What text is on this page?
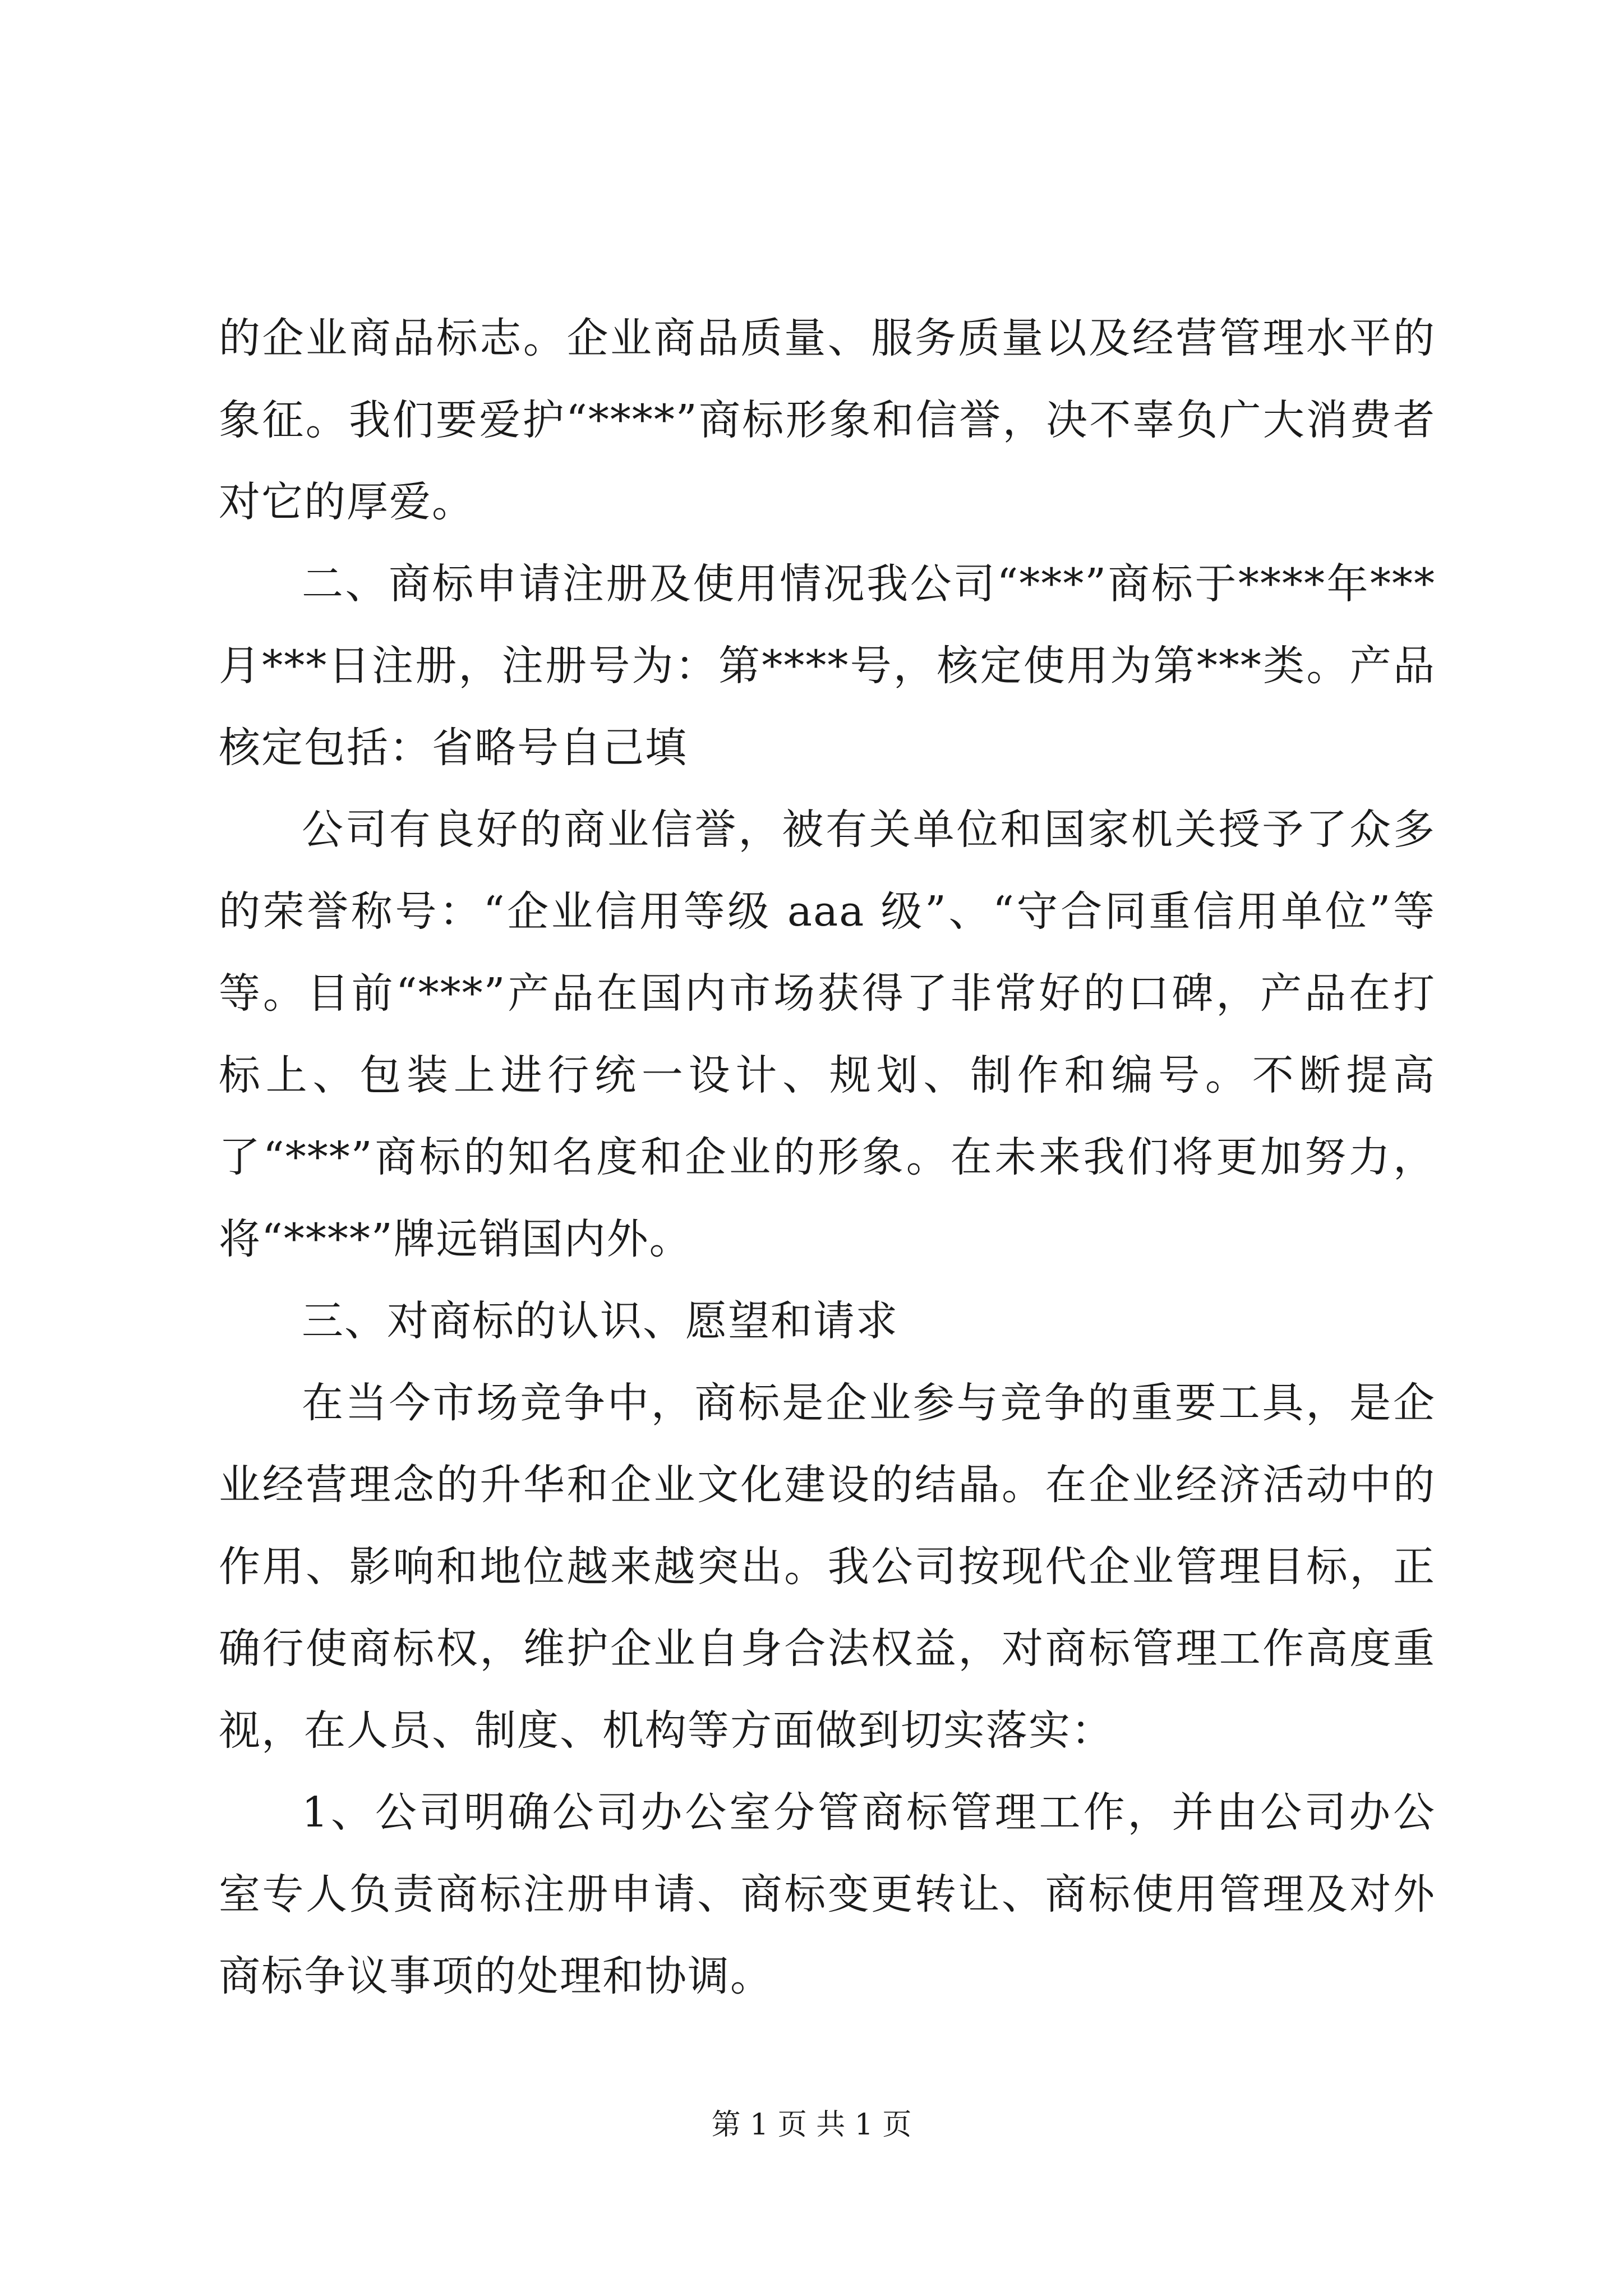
的企业商品标志。企业商品质量、服务质量以及经营管理水平的象征。我们要爱护“****”商标形象和信誉，决不辜负广大消费者对它的厚爱。

二、商标申请注册及使用情况我公司“***”商标于****年***月***日注册，注册号为：第****号，核定使用为第***类。产品核定包括：省略号自己填

公司有良好的商业信誉，被有关单位和国家机关授予了众多的荣誉称号：“企业信用等级 aaa 级”、“守合同重信用单位”等等。目前“***”产品在国内市场获得了非常好的口碑，产品在打标上、包装上进行统一设计、规划、制作和编号。不断提高了“***”商标的知名度和企业的形象。在未来我们将更加努力，将“****”牌远销国内外。

三、对商标的认识、愿望和请求

在当今市场竞争中，商标是企业参与竞争的重要工具，是企业经营理念的升华和企业文化建设的结晶。在企业经济活动中的作用、影响和地位越来越突出。我公司按现代企业管理目标，正确行使商标权，维护企业自身合法权益，对商标管理工作高度重视，在人员、制度、机构等方面做到切实落实：

1、公司明确公司办公室分管商标管理工作，并由公司办公室专人负责商标注册申请、商标变更转让、商标使用管理及对外商标争议事项的处理和协调。

第 1 页 共 1 页
